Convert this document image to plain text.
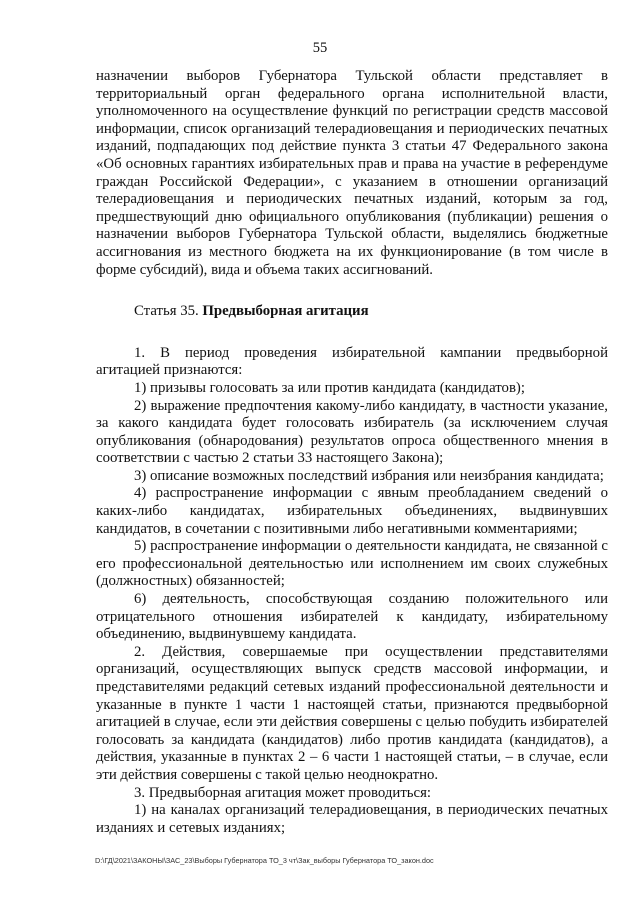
55

назначении выборов Губернатора Тульской области представляет в территориальный орган федерального органа исполнительной власти, уполномоченного на осуществление функций по регистрации средств массовой информации, список организаций телерадиовещания и периодических печатных изданий, подпадающих под действие пункта 3 статьи 47 Федерального закона «Об основных гарантиях избирательных прав и права на участие в референдуме граждан Российской Федерации», с указанием в отношении организаций телерадиовещания и периодических печатных изданий, которым за год, предшествующий дню официального опубликования (публикации) решения о назначении выборов Губернатора Тульской области, выделялись бюджетные ассигнования из местного бюджета на их функционирование (в том числе в форме субсидий), вида и объема таких ассигнований.

Статья 35. Предвыборная агитация

1. В период проведения избирательной кампании предвыборной агитацией признаются:

1) призывы голосовать за или против кандидата (кандидатов);

2) выражение предпочтения какому-либо кандидату, в частности указание, за какого кандидата будет голосовать избиратель (за исключением случая опубликования (обнародования) результатов опроса общественного мнения в соответствии с частью 2 статьи 33 настоящего Закона);

3) описание возможных последствий избрания или неизбрания кандидата;

4) распространение информации с явным преобладанием сведений о каких-либо кандидатах, избирательных объединениях, выдвинувших кандидатов, в сочетании с позитивными либо негативными комментариями;

5) распространение информации о деятельности кандидата, не связанной с его профессиональной деятельностью или исполнением им своих служебных (должностных) обязанностей;

6) деятельность, способствующая созданию положительного или отрицательного отношения избирателей к кандидату, избирательному объединению, выдвинувшему кандидата.

2. Действия, совершаемые при осуществлении представителями организаций, осуществляющих выпуск средств массовой информации, и представителями редакций сетевых изданий профессиональной деятельности и указанные в пункте 1 части 1 настоящей статьи, признаются предвыборной агитацией в случае, если эти действия совершены с целью побудить избирателей голосовать за кандидата (кандидатов) либо против кандидата (кандидатов), а действия, указанные в пунктах 2 – 6 части 1 настоящей статьи, – в случае, если эти действия совершены с такой целью неоднократно.

3. Предвыборная агитация может проводиться:

1) на каналах организаций телерадиовещания, в периодических печатных изданиях и сетевых изданиях;

D:\ГД\2021\ЗАКОНЫ\ЗАС_23\Выборы Губернатора ТО_3 чт\Зак_выборы Губернатора ТО_закон.doc
